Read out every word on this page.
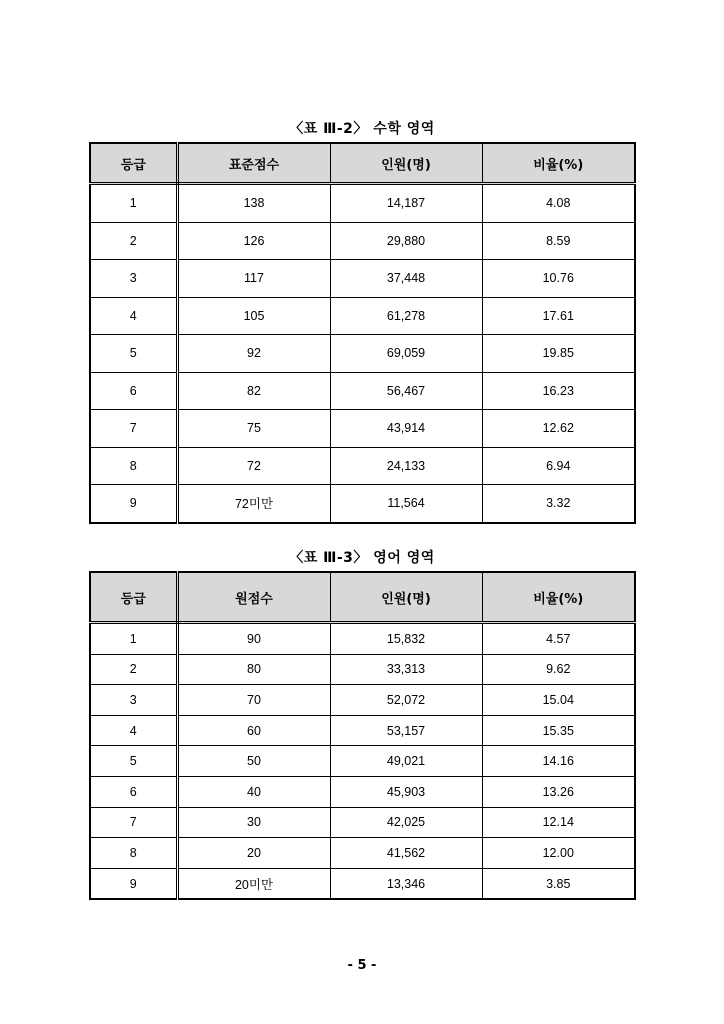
〈표 Ⅲ-2〉 수학 영역
등급	표준점수	인원(명)	비율(%)
1	138	14,187	4.08
2	126	29,880	8.59
3	117	37,448	10.76
4	105	61,278	17.61
5	92	69,059	19.85
6	82	56,467	16.23
7	75	43,914	12.62
8	72	24,133	6.94
9	72미만	11,564	3.32
〈표 Ⅲ-3〉 영어 영역
등급	원점수	인원(명)	비율(%)
1	90	15,832	4.57
2	80	33,313	9.62
3	70	52,072	15.04
4	60	53,157	15.35
5	50	49,021	14.16
6	40	45,903	13.26
7	30	42,025	12.14
8	20	41,562	12.00
9	20미만	13,346	3.85
- 5 -
